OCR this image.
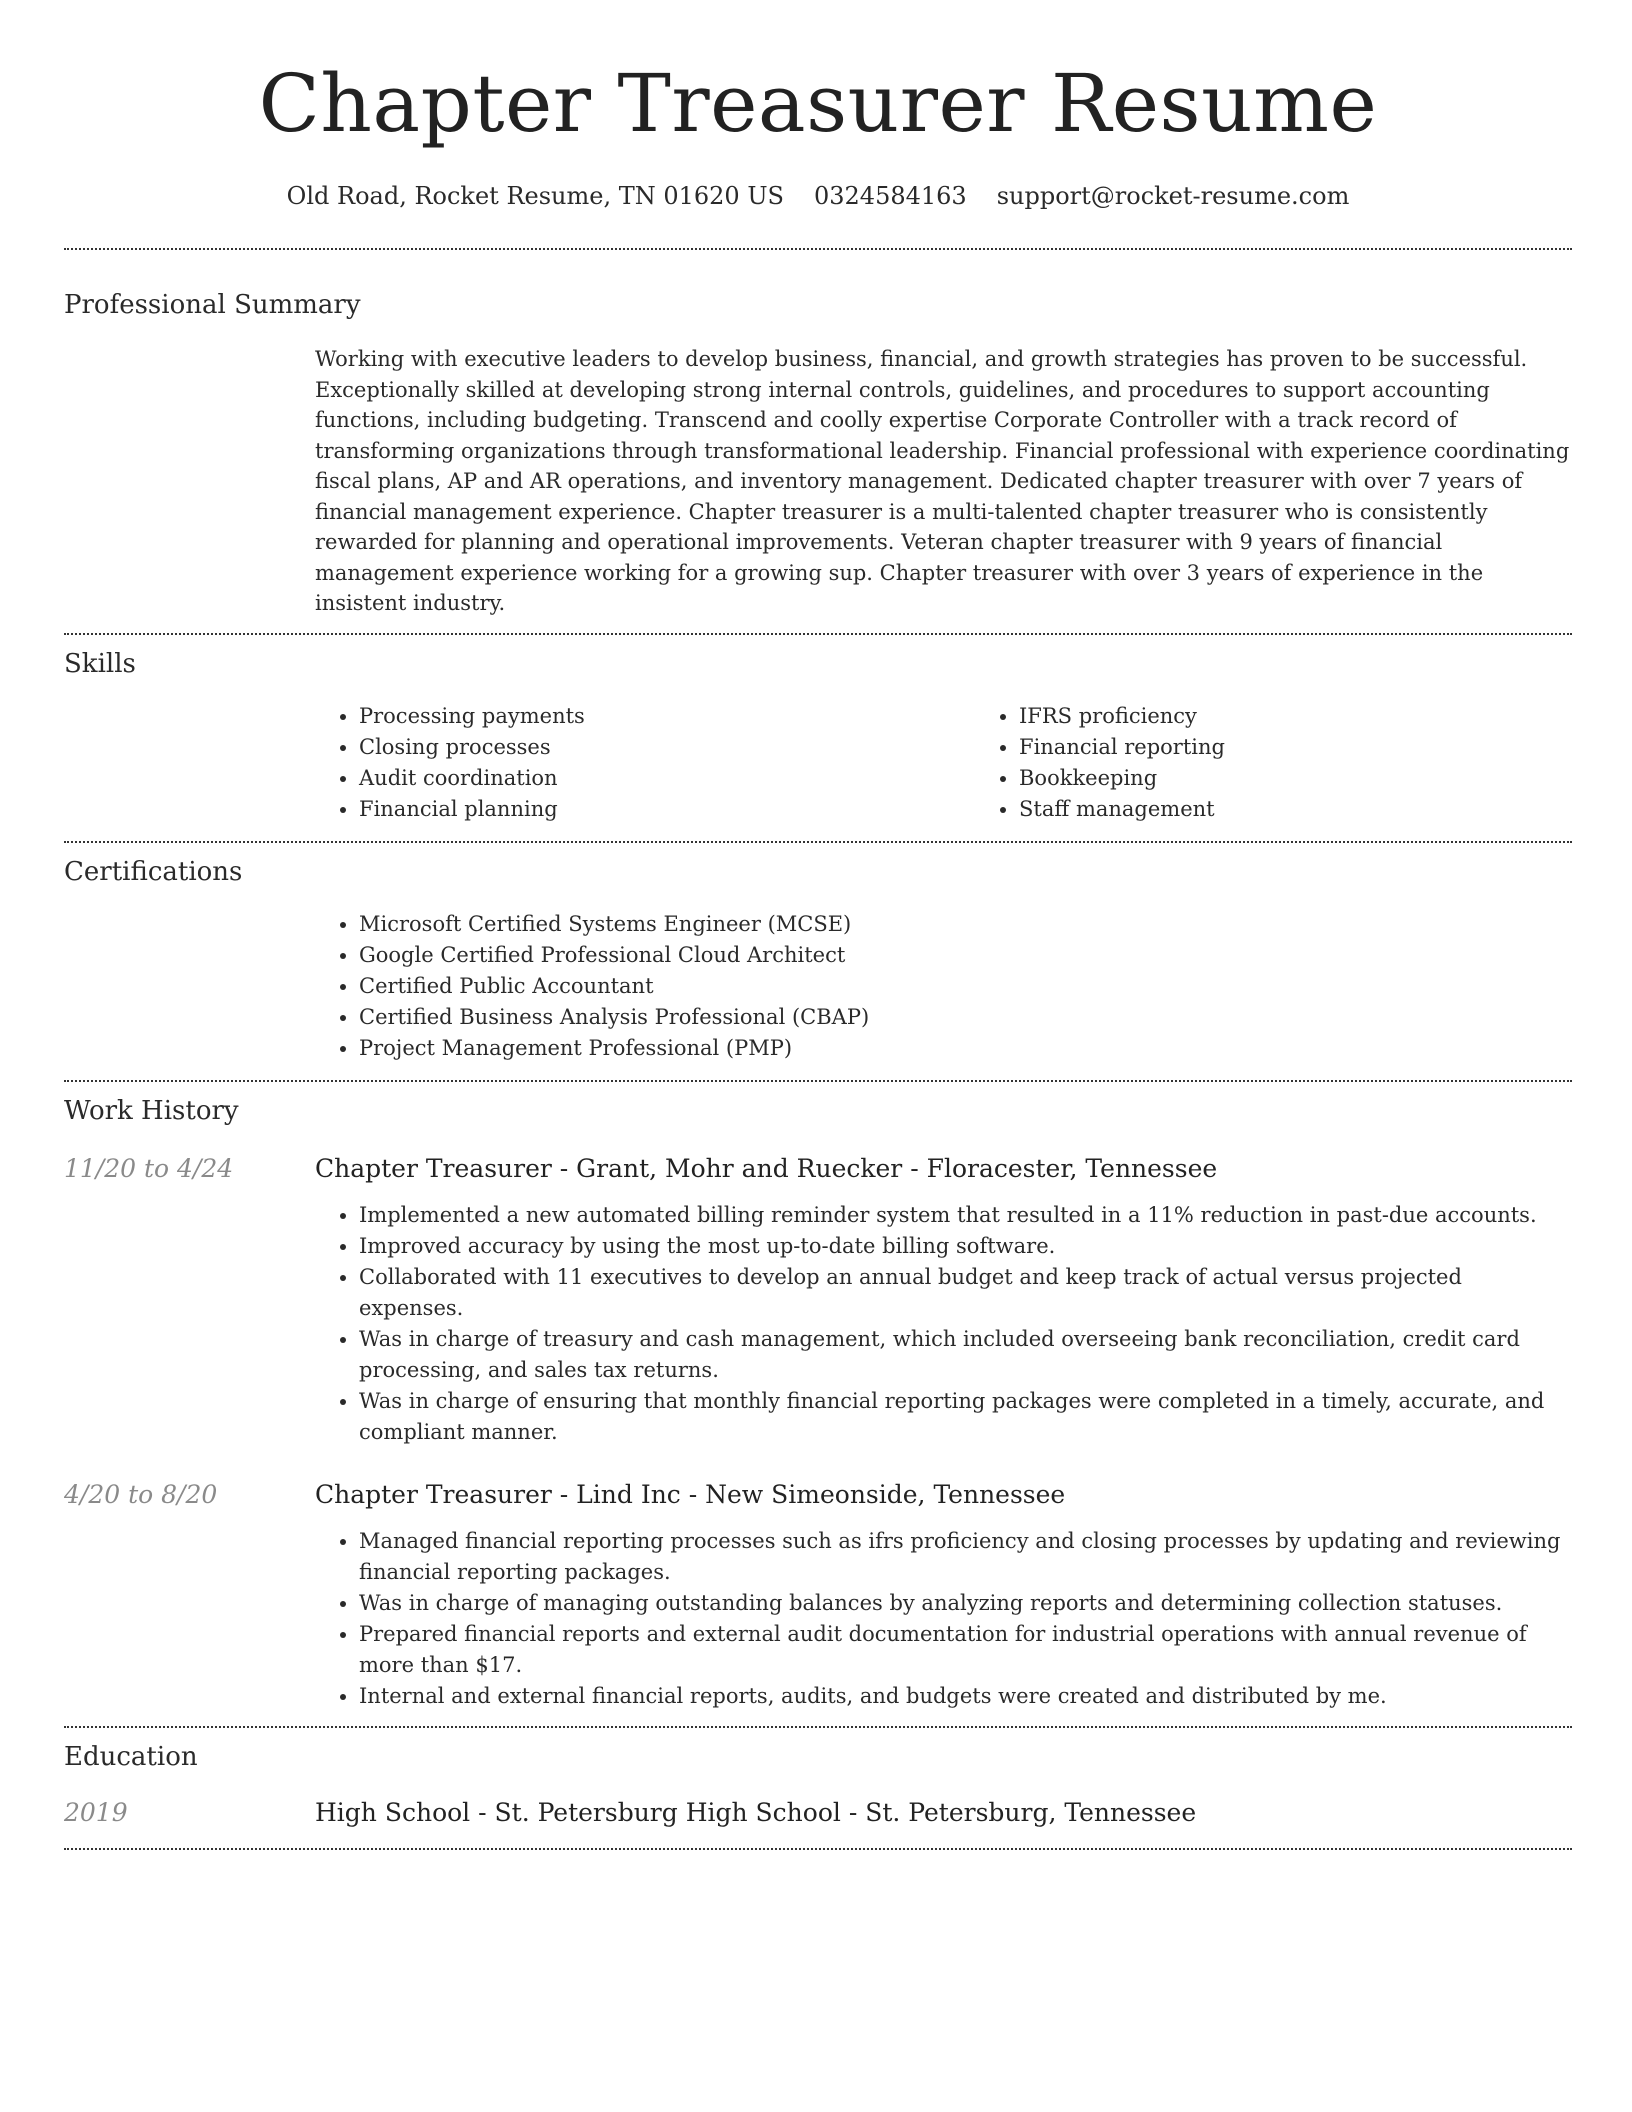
Chapter Treasurer Resume
Old Road, Rocket Resume, TN 01620 US 0324584163 support@rocket-resume.com
Professional Summary

Working with executive leaders to develop business, financial, and growth strategies has proven to be successful. Exceptionally skilled at developing strong internal controls, guidelines, and procedures to support accounting functions, including budgeting. Transcend and coolly expertise Corporate Controller with a track record of transforming organizations through transformational leadership. Financial professional with experience coordinating fiscal plans, AP and AR operations, and inventory management. Dedicated chapter treasurer with over 7 years of financial management experience. Chapter treasurer is a multi-talented chapter treasurer who is consistently rewarded for planning and operational improvements. Veteran chapter treasurer with 9 years of financial management experience working for a growing sup. Chapter treasurer with over 3 years of experience in the insistent industry.

Skills
• Processing payments
• Closing processes
• Audit coordination
• Financial planning
• IFRS proficiency
• Financial reporting
• Bookkeeping
• Staff management
Certifications
• Microsoft Certified Systems Engineer (MCSE)
• Google Certified Professional Cloud Architect
• Certified Public Accountant
• Certified Business Analysis Professional (CBAP)
• Project Management Professional (PMP)
Work History
11/20 to 4/24	Chapter Treasurer - Grant, Mohr and Ruecker - Floracester, Tennessee
• Implemented a new automated billing reminder system that resulted in a 11% reduction in past-due accounts.
• Improved accuracy by using the most up-to-date billing software.
• Collaborated with 11 executives to develop an annual budget and keep track of actual versus projected expenses.
• Was in charge of treasury and cash management, which included overseeing bank reconciliation, credit card processing, and sales tax returns.
• Was in charge of ensuring that monthly financial reporting packages were completed in a timely, accurate, and compliant manner.
4/20 to 8/20	Chapter Treasurer - Lind Inc - New Simeonside, Tennessee
• Managed financial reporting processes such as ifrs proficiency and closing processes by updating and reviewing financial reporting packages.
• Was in charge of managing outstanding balances by analyzing reports and determining collection statuses.
• Prepared financial reports and external audit documentation for industrial operations with annual revenue of more than $17.
• Internal and external financial reports, audits, and budgets were created and distributed by me.
Education
2019	High School - St. Petersburg High School - St. Petersburg, Tennessee
